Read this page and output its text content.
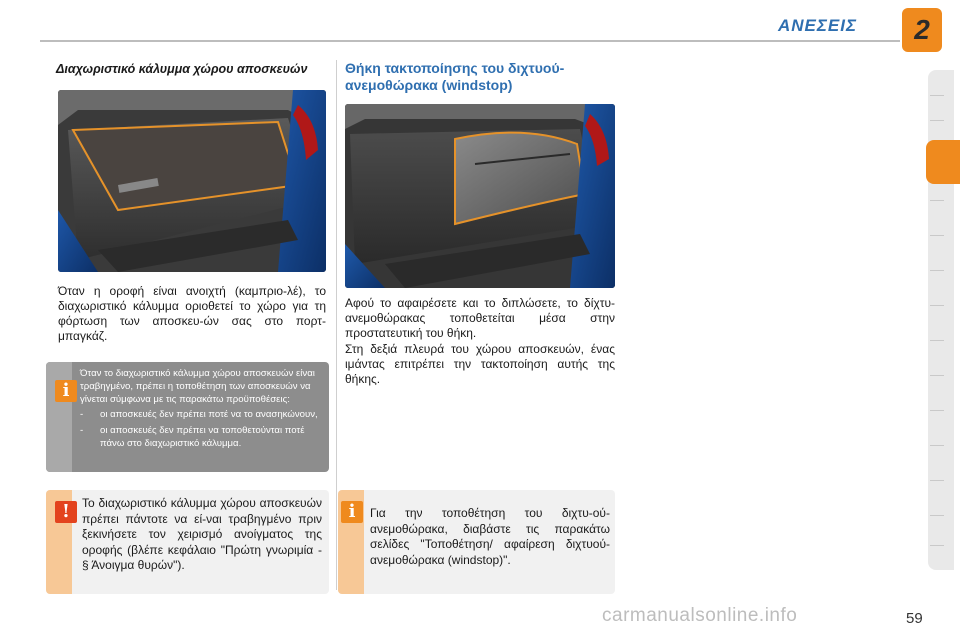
ΑΝΕΣΕΙΣ	2
Διαχωριστικό κάλυμμα χώρου αποσκευών
Όταν η οροφή είναι ανοιχτή (καμπριο-λέ), το διαχωριστικό κάλυμμα οριοθετεί το χώρο για τη φόρτωση των αποσκευ-ών σας στο πορτ-μπαγκάζ.
i
Όταν το διαχωριστικό κάλυμμα χώρου αποσκευών είναι τραβηγμένο, πρέπει η τοποθέτηση των αποσκευών να γίνεται σύμφωνα με τις παρακάτω προϋποθέσεις:
-	οι αποσκευές δεν πρέπει ποτέ να το ανασηκώνουν,
-	οι αποσκευές δεν πρέπει να τοποθετούνται ποτέ πάνω στο διαχωριστικό κάλυμμα.
!	Το διαχωριστικό κάλυμμα χώρου αποσκευών πρέπει πάντοτε να εί-ναι τραβηγμένο πριν ξεκινήσετε τον χειρισμό ανοίγματος της οροφής (βλέπε κεφάλαιο "Πρώτη γνωριμία - § Άνοιγμα θυρών").
Θήκη τακτοποίησης του διχτυού-ανεμοθώρακα (windstop)
Αφού το αφαιρέσετε και το διπλώσετε, το δίχτυ-ανεμοθώρακας τοποθετείται μέσα στην προστατευτική του θήκη.
Στη δεξιά πλευρά του χώρου αποσκευών, ένας ιμάντας επιτρέπει την τακτοποίηση αυτής της θήκης.
i	Για την τοποθέτηση του διχτυ-ού-ανεμοθώρακα, διαβάστε τις παρακάτω σελίδες "Τοποθέτηση/ αφαίρεση διχτυού-ανεμοθώρακα (windstop)".
carmanualsonline.info	59
